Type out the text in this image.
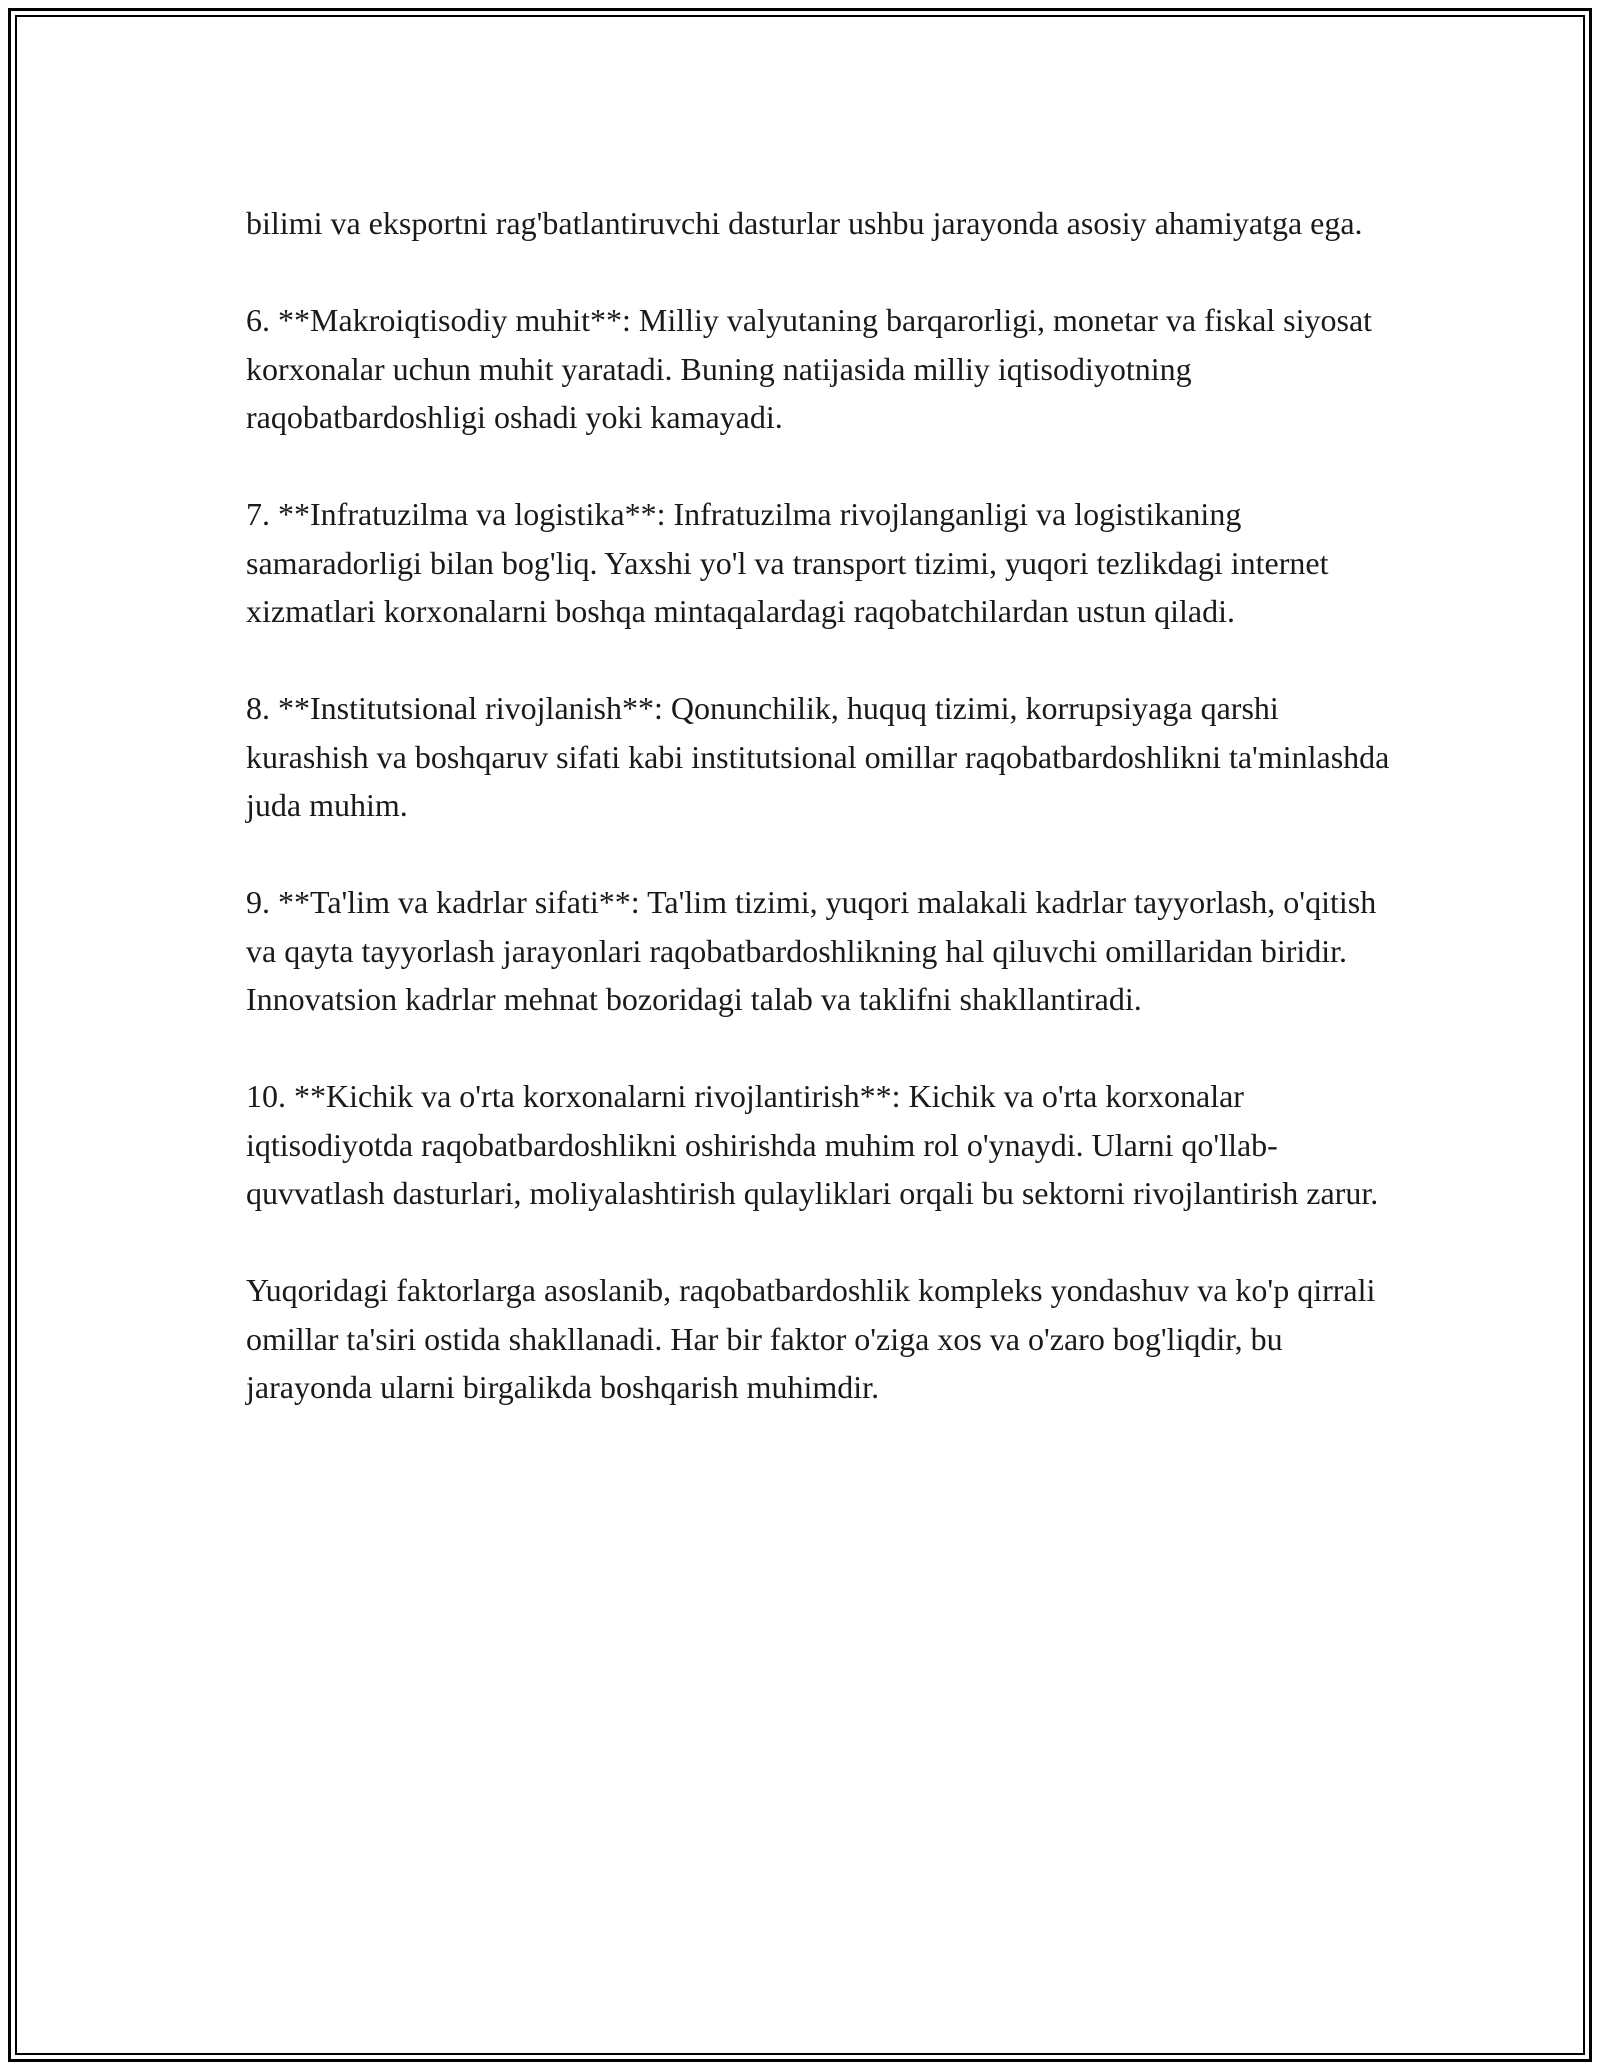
bilimi va eksportni rag'batlantiruvchi dasturlar ushbu jarayonda asosiy ahamiyatga ega.

6. **Makroiqtisodiy muhit**: Milliy valyutaning barqarorligi, monetar va fiskal siyosat korxonalar uchun muhit yaratadi. Buning natijasida milliy iqtisodiyotning raqobatbardoshligi oshadi yoki kamayadi.

7. **Infratuzilma va logistika**: Infratuzilma rivojlanganligi va logistikaning samaradorligi bilan bog'liq. Yaxshi yo'l va transport tizimi, yuqori tezlikdagi internet xizmatlari korxonalarni boshqa mintaqalardagi raqobatchilardan ustun qiladi.

8. **Institutsional rivojlanish**: Qonunchilik, huquq tizimi, korrupsiyaga qarshi kurashish va boshqaruv sifati kabi institutsional omillar raqobatbardoshlikni ta'minlashda juda muhim.

9. **Ta'lim va kadrlar sifati**: Ta'lim tizimi, yuqori malakali kadrlar tayyorlash, o'qitish va qayta tayyorlash jarayonlari raqobatbardoshlikning hal qiluvchi omillaridan biridir. Innovatsion kadrlar mehnat bozoridagi talab va taklifni shakllantiradi.

10. **Kichik va o'rta korxonalarni rivojlantirish**: Kichik va o'rta korxonalar iqtisodiyotda raqobatbardoshlikni oshirishda muhim rol o'ynaydi. Ularni qo'llab-quvvatlash dasturlari, moliyalashtirish qulayliklari orqali bu sektorni rivojlantirish zarur.

Yuqoridagi faktorlarga asoslanib, raqobatbardoshlik kompleks yondashuv va ko'p qirrali omillar ta'siri ostida shakllanadi. Har bir faktor o'ziga xos va o'zaro bog'liqdir, bu jarayonda ularni birgalikda boshqarish muhimdir.
